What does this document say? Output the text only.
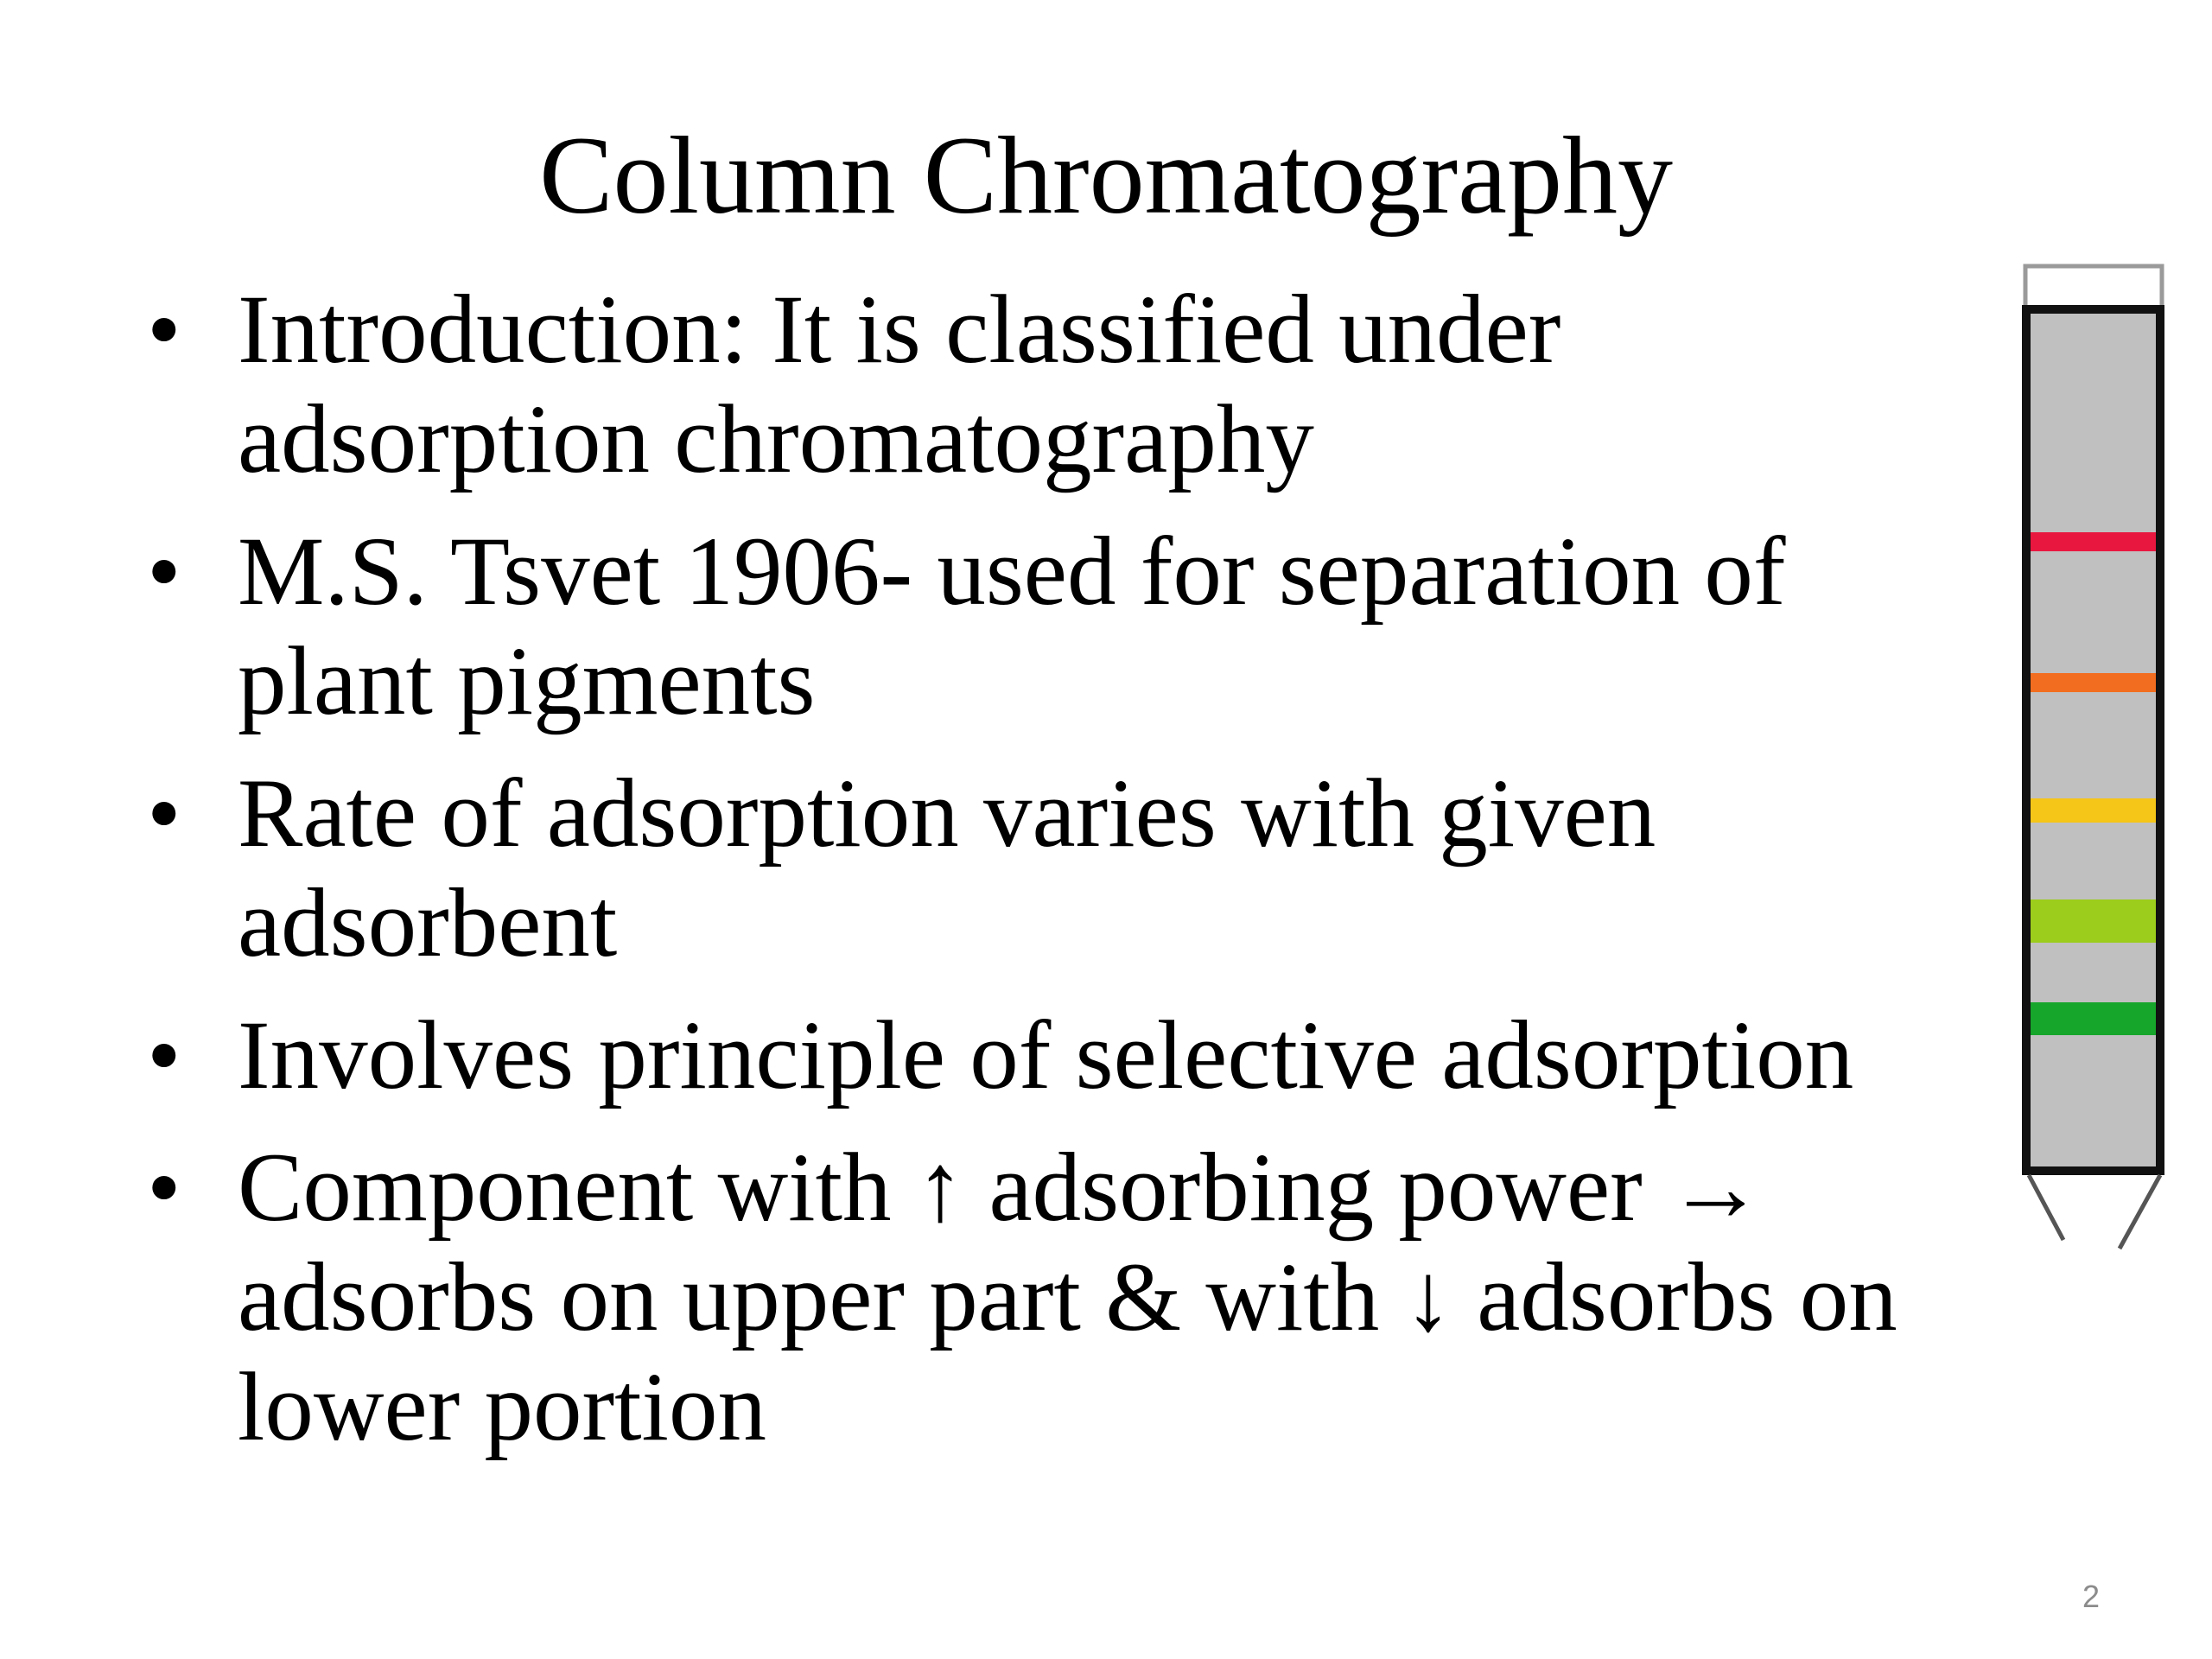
Column Chromatography
• Introduction: It is classified under adsorption chromatography
• M.S. Tsvet 1906- used for separation of plant pigments
• Rate of adsorption varies with given adsorbent
• Involves principle of selective adsorption
• Component with ↑ adsorbing power → adsorbs on upper part & with ↓ adsorbs on lower portion
2
